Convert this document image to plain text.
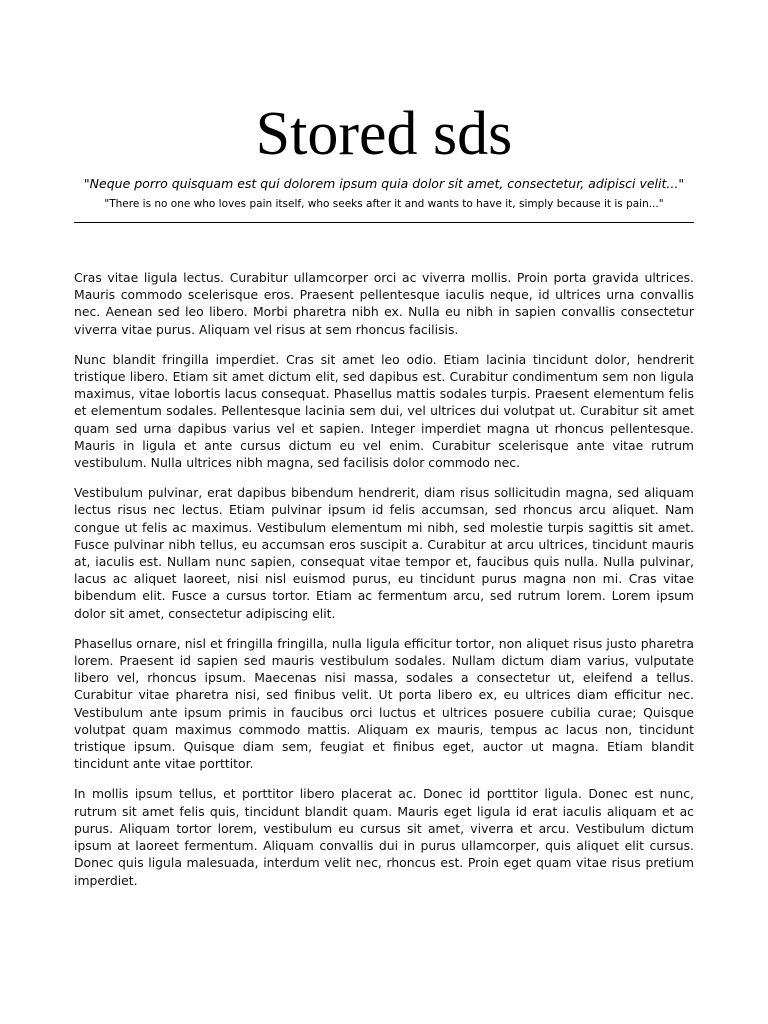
Stored sds
"Neque porro quisquam est qui dolorem ipsum quia dolor sit amet, consectetur, adipisci velit..."
"There is no one who loves pain itself, who seeks after it and wants to have it, simply because it is pain..."

Cras vitae ligula lectus. Curabitur ullamcorper orci ac viverra mollis. Proin porta gravida ultrices. Mauris commodo scelerisque eros. Praesent pellentesque iaculis neque, id ultrices urna convallis nec. Aenean sed leo libero. Morbi pharetra nibh ex. Nulla eu nibh in sapien convallis consectetur viverra vitae purus. Aliquam vel risus at sem rhoncus facilisis.

Nunc blandit fringilla imperdiet. Cras sit amet leo odio. Etiam lacinia tincidunt dolor, hendrerit tristique libero. Etiam sit amet dictum elit, sed dapibus est. Curabitur condimentum sem non ligula maximus, vitae lobortis lacus consequat. Phasellus mattis sodales turpis. Praesent elementum felis et elementum sodales. Pellentesque lacinia sem dui, vel ultrices dui volutpat ut. Curabitur sit amet quam sed urna dapibus varius vel et sapien. Integer imperdiet magna ut rhoncus pellentesque. Mauris in ligula et ante cursus dictum eu vel enim. Curabitur scelerisque ante vitae rutrum vestibulum. Nulla ultrices nibh magna, sed facilisis dolor commodo nec.

Vestibulum pulvinar, erat dapibus bibendum hendrerit, diam risus sollicitudin magna, sed aliquam lectus risus nec lectus. Etiam pulvinar ipsum id felis accumsan, sed rhoncus arcu aliquet. Nam congue ut felis ac maximus. Vestibulum elementum mi nibh, sed molestie turpis sagittis sit amet. Fusce pulvinar nibh tellus, eu accumsan eros suscipit a. Curabitur at arcu ultrices, tincidunt mauris at, iaculis est. Nullam nunc sapien, consequat vitae tempor et, faucibus quis nulla. Nulla pulvinar, lacus ac aliquet laoreet, nisi nisl euismod purus, eu tincidunt purus magna non mi. Cras vitae bibendum elit. Fusce a cursus tortor. Etiam ac fermentum arcu, sed rutrum lorem. Lorem ipsum dolor sit amet, consectetur adipiscing elit.

Phasellus ornare, nisl et fringilla fringilla, nulla ligula efficitur tortor, non aliquet risus justo pharetra lorem. Praesent id sapien sed mauris vestibulum sodales. Nullam dictum diam varius, vulputate libero vel, rhoncus ipsum. Maecenas nisi massa, sodales a consectetur ut, eleifend a tellus. Curabitur vitae pharetra nisi, sed finibus velit. Ut porta libero ex, eu ultrices diam efficitur nec. Vestibulum ante ipsum primis in faucibus orci luctus et ultrices posuere cubilia curae; Quisque volutpat quam maximus commodo mattis. Aliquam ex mauris, tempus ac lacus non, tincidunt tristique ipsum. Quisque diam sem, feugiat et finibus eget, auctor ut magna. Etiam blandit tincidunt ante vitae porttitor.

In mollis ipsum tellus, et porttitor libero placerat ac. Donec id porttitor ligula. Donec est nunc, rutrum sit amet felis quis, tincidunt blandit quam. Mauris eget ligula id erat iaculis aliquam et ac purus. Aliquam tortor lorem, vestibulum eu cursus sit amet, viverra et arcu. Vestibulum dictum ipsum at laoreet fermentum. Aliquam convallis dui in purus ullamcorper, quis aliquet elit cursus. Donec quis ligula malesuada, interdum velit nec, rhoncus est. Proin eget quam vitae risus pretium imperdiet.
